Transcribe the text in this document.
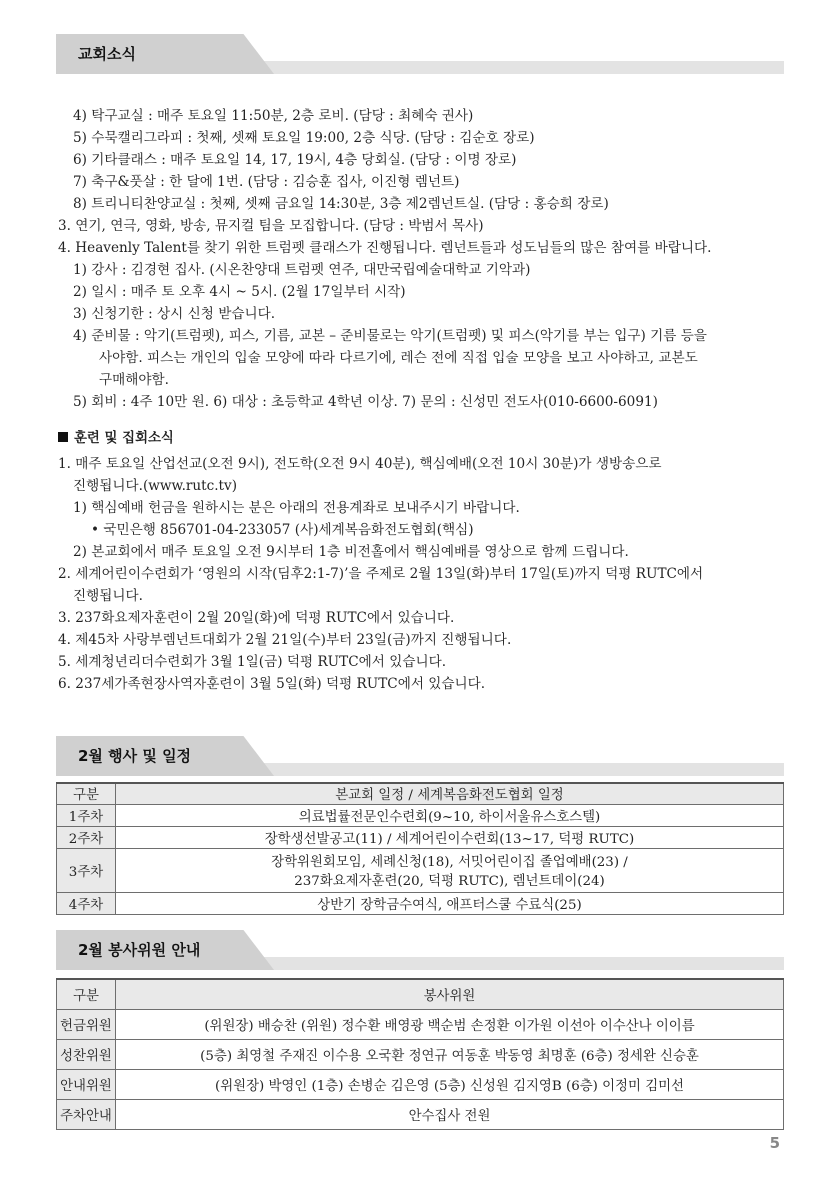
교회소식
4) 탁구교실 : 매주 토요일 11:50분, 2층 로비. (담당 : 최혜숙 권사)
5) 수묵캘리그라피 : 첫째, 셋째 토요일 19:00, 2층 식당. (담당 : 김순호 장로)
6) 기타클래스 : 매주 토요일 14, 17, 19시, 4층 당회실. (담당 : 이명 장로)
7) 축구&풋살 : 한 달에 1번. (담당 : 김승훈 집사, 이진형 렘넌트)
8) 트리니티찬양교실 : 첫째, 셋째 금요일 14:30분, 3층 제2렘넌트실. (담당 : 홍승희 장로)
3. 연기, 연극, 영화, 방송, 뮤지컬 팀을 모집합니다. (담당 : 박범서 목사)
4. Heavenly Talent를 찾기 위한 트럼펫 클래스가 진행됩니다. 렘넌트들과 성도님들의 많은 참여를 바랍니다.
1) 강사 : 김경현 집사. (시온찬양대 트럼펫 연주, 대만국립예술대학교 기악과)
2) 일시 : 매주 토 오후 4시 ~ 5시. (2월 17일부터 시작)
3) 신청기한 : 상시 신청 받습니다.
4) 준비물 : 악기(트럼펫), 피스, 기름, 교본 – 준비물로는 악기(트럼펫) 및 피스(악기를 부는 입구) 기름 등을
사야함. 피스는 개인의 입술 모양에 따라 다르기에, 레슨 전에 직접 입술 모양을 보고 사야하고, 교본도
구매해야함.
5) 회비 : 4주 10만 원. 6) 대상 : 초등학교 4학년 이상. 7) 문의 : 신성민 전도사(010-6600-6091)
훈련 및 집회소식
1. 매주 토요일 산업선교(오전 9시), 전도학(오전 9시 40분), 핵심예배(오전 10시 30분)가 생방송으로
진행됩니다.(www.rutc.tv)
1) 핵심예배 헌금을 원하시는 분은 아래의 전용계좌로 보내주시기 바랍니다.
• 국민은행 856701-04-233057 (사)세계복음화전도협회(핵심)
2) 본교회에서 매주 토요일 오전 9시부터 1층 비전홀에서 핵심예배를 영상으로 함께 드립니다.
2. 세계어린이수련회가 ‘영원의 시작(딤후2:1-7)’을 주제로 2월 13일(화)부터 17일(토)까지 덕평 RUTC에서
진행됩니다.
3. 237화요제자훈련이 2월 20일(화)에 덕평 RUTC에서 있습니다.
4. 제45차 사랑부렘넌트대회가 2월 21일(수)부터 23일(금)까지 진행됩니다.
5. 세계청년리더수련회가 3월 1일(금) 덕평 RUTC에서 있습니다.
6. 237세가족현장사역자훈련이 3월 5일(화) 덕평 RUTC에서 있습니다.
2월 행사 및 일정
구분	본교회 일정 / 세계복음화전도협회 일정
1주차	의료법률전문인수련회(9~10, 하이서울유스호스텔)
2주차	장학생선발공고(11) / 세계어린이수련회(13~17, 덕평 RUTC)
3주차	장학위원회모임, 세례신청(18), 서밋어린이집 졸업예배(23) /
237화요제자훈련(20, 덕평 RUTC), 렘넌트데이(24)

4주차	상반기 장학금수여식, 애프터스쿨 수료식(25)
2월 봉사위원 안내
구분	봉사위원
헌금위원	(위원장) 배승찬 (위원) 정수환 배영광 백순범 손정환 이가원 이선아 이수산나 이이름
성찬위원	(5층) 최영철 주재진 이수용 오국환 정연규 여동훈 박동영 최명훈 (6층) 정세완 신승훈
안내위원	(위원장) 박영인 (1층) 손병순 김은영 (5층) 신성원 김지영B (6층) 이정미 김미선
주차안내	안수집사 전원
5
